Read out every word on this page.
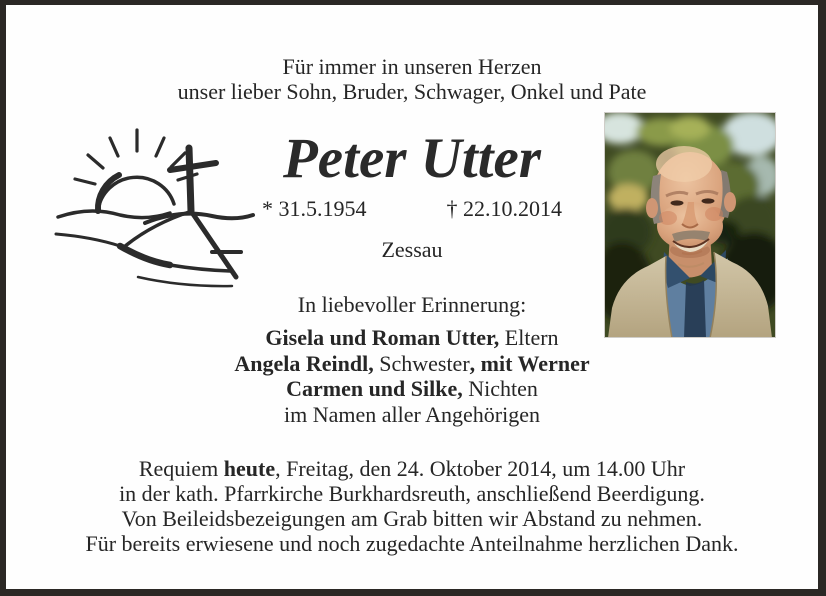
Für immer in unseren Herzen
unser lieber Sohn, Bruder, Schwager, Onkel und Pate
Peter Utter
* 31.5.1954	† 22.10.2014
Zessau
In liebevoller Erinnerung:
Gisela und Roman Utter, Eltern
Angela Reindl, Schwester, mit Werner
Carmen und Silke, Nichten
im Namen aller Angehörigen
Requiem heute, Freitag, den 24. Oktober 2014, um 14.00 Uhr
in der kath. Pfarrkirche Burkhardsreuth, anschließend Beerdigung.
Von Beileidsbezeigungen am Grab bitten wir Abstand zu nehmen.
Für bereits erwiesene und noch zugedachte Anteilnahme herzlichen Dank.
